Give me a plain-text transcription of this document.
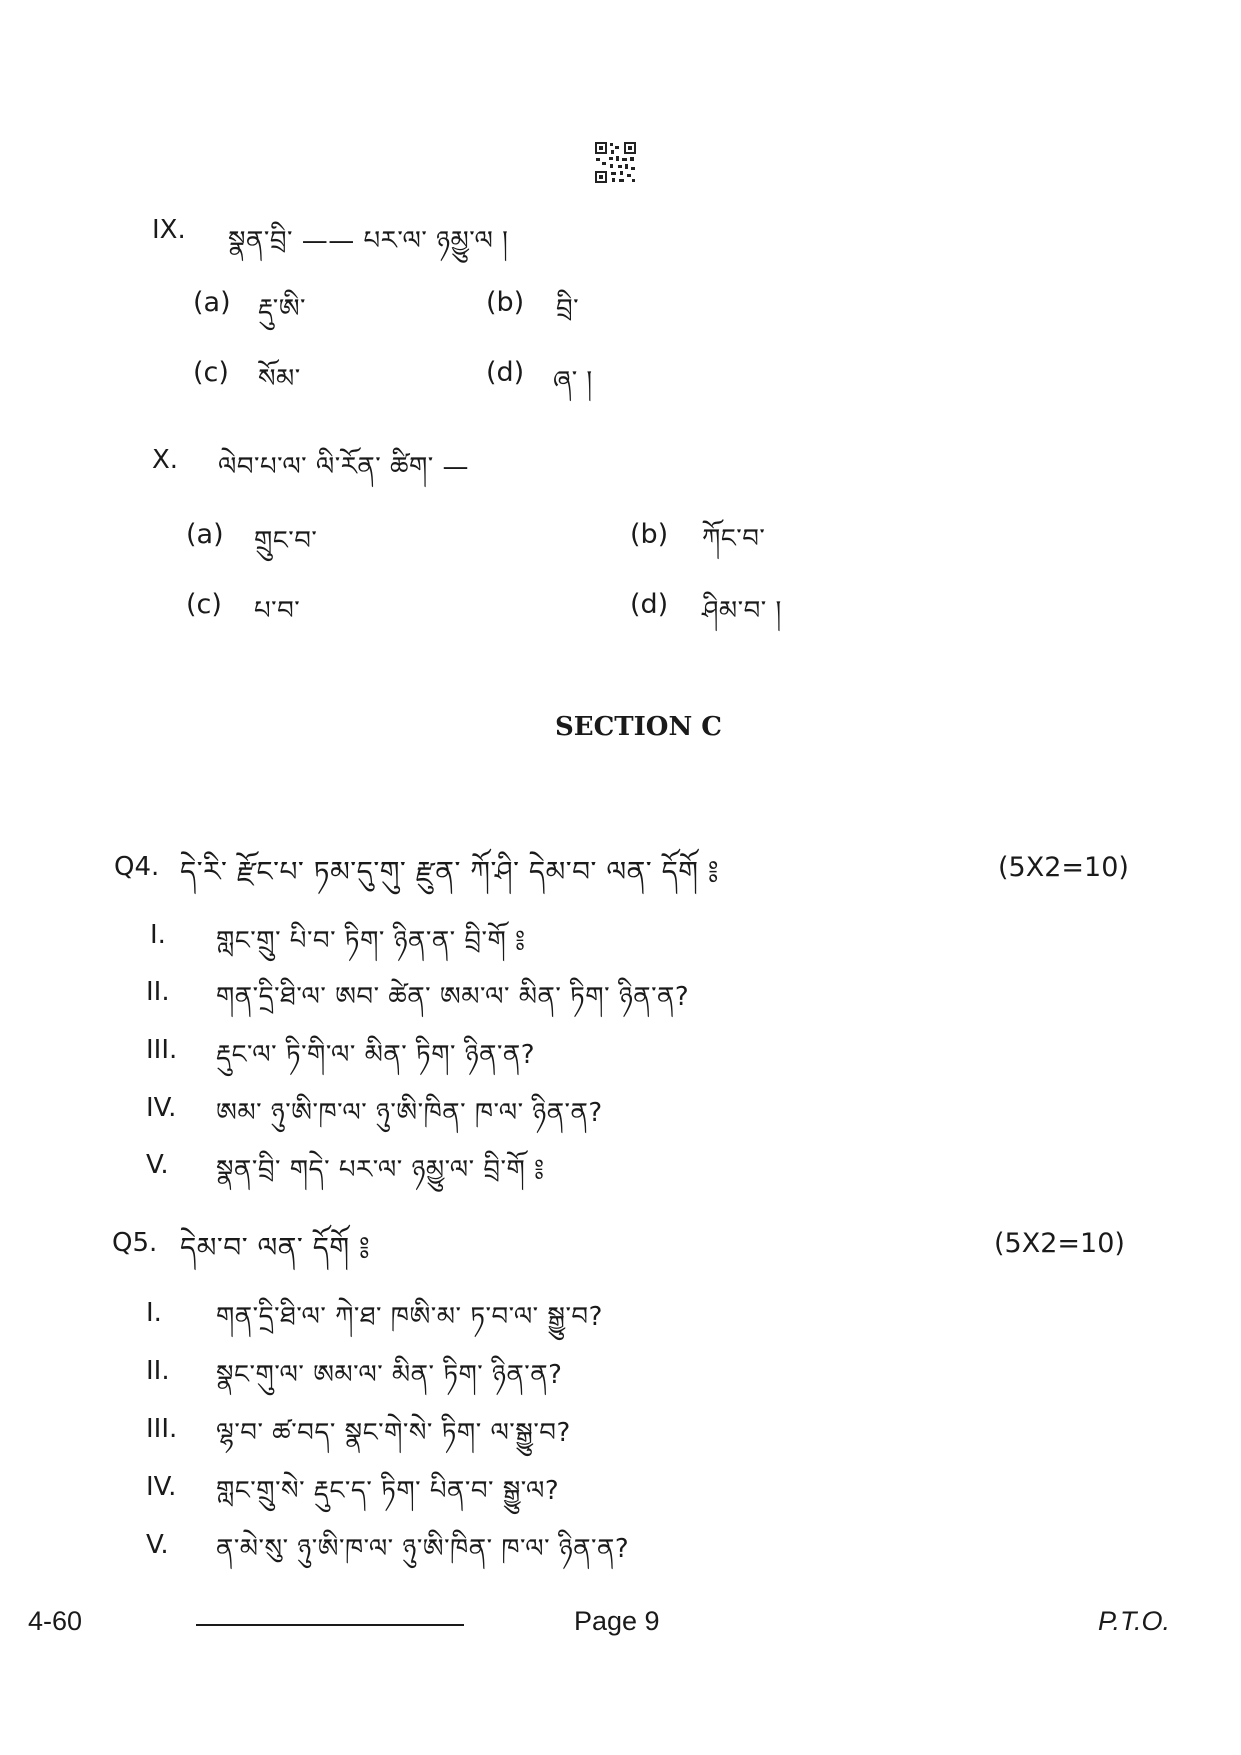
IX. སྣན་བྲི་ —— པར་ལ་ ཉམྱུ་ལ །
(a) རྡུ་ཨི་	(b) བྲི་
(c) སོམ་	(d) ཞ་ །
X. ལེབ་པ་ལ་ ལི་རོན་ ཚིག་ —
(a) གྲུང་བ་	(b) ཀོང་བ་
(c) པ་བ་	(d) ཤིམ་བ་ །
SECTION C
Q4. དེ་རི་ རྫོང་པ་ ཏམ་དུ་གུ་ རྫུན་ ཀོ་ཤི་ དེམ་བ་ ལན་ དོགོ ༔	(5X2=10)
I. གླང་གྲུ་ པི་བ་ ཏིག་ ཉིན་ན་ བྲི་གོ ༔
II. གན་དྲི་ཐི་ལ་ ཨབ་ ཚེན་ ཨམ་ལ་ མིན་ ཏིག་ ཉིན་ན?
III. རྡུང་ལ་ ཏི་གི་ལ་ མིན་ ཏིག་ ཉིན་ན?
IV. ཨམ་ ཉུ་ཨི་ཁ་ལ་ ཉུ་ཨི་ཁིན་ ཁ་ལ་ ཉིན་ན?
V. སྣན་བྲི་ གདེ་ པར་ལ་ ཉམྱུ་ལ་ བྲི་གོ ༔
Q5. དེམ་བ་ ལན་ དོགོ ༔	(5X2=10)
I. གན་དྲི་ཐི་ལ་ ཀེ་ཐ་ ཁཨི་མ་ ཏ་བ་ལ་ སྒྱུ་བ?
II. སྣང་གུ་ལ་ ཨམ་ལ་ མིན་ ཏིག་ ཉིན་ན?
III. ལྷ་བ་ ཚ་བད་ སྣང་གེ་སེ་ ཏིག་ ལ་སྒྱུ་བ?
IV. གླང་གྲུ་སེ་ རྡུང་ད་ ཏིག་ པིན་བ་ སྒྱུ་ལ?
V. ན་མེ་སུ་ ཉུ་ཨི་ཁ་ལ་ ཉུ་ཨི་ཁིན་ ཁ་ལ་ ཉིན་ན?
4-60	Page 9	P.T.O.
